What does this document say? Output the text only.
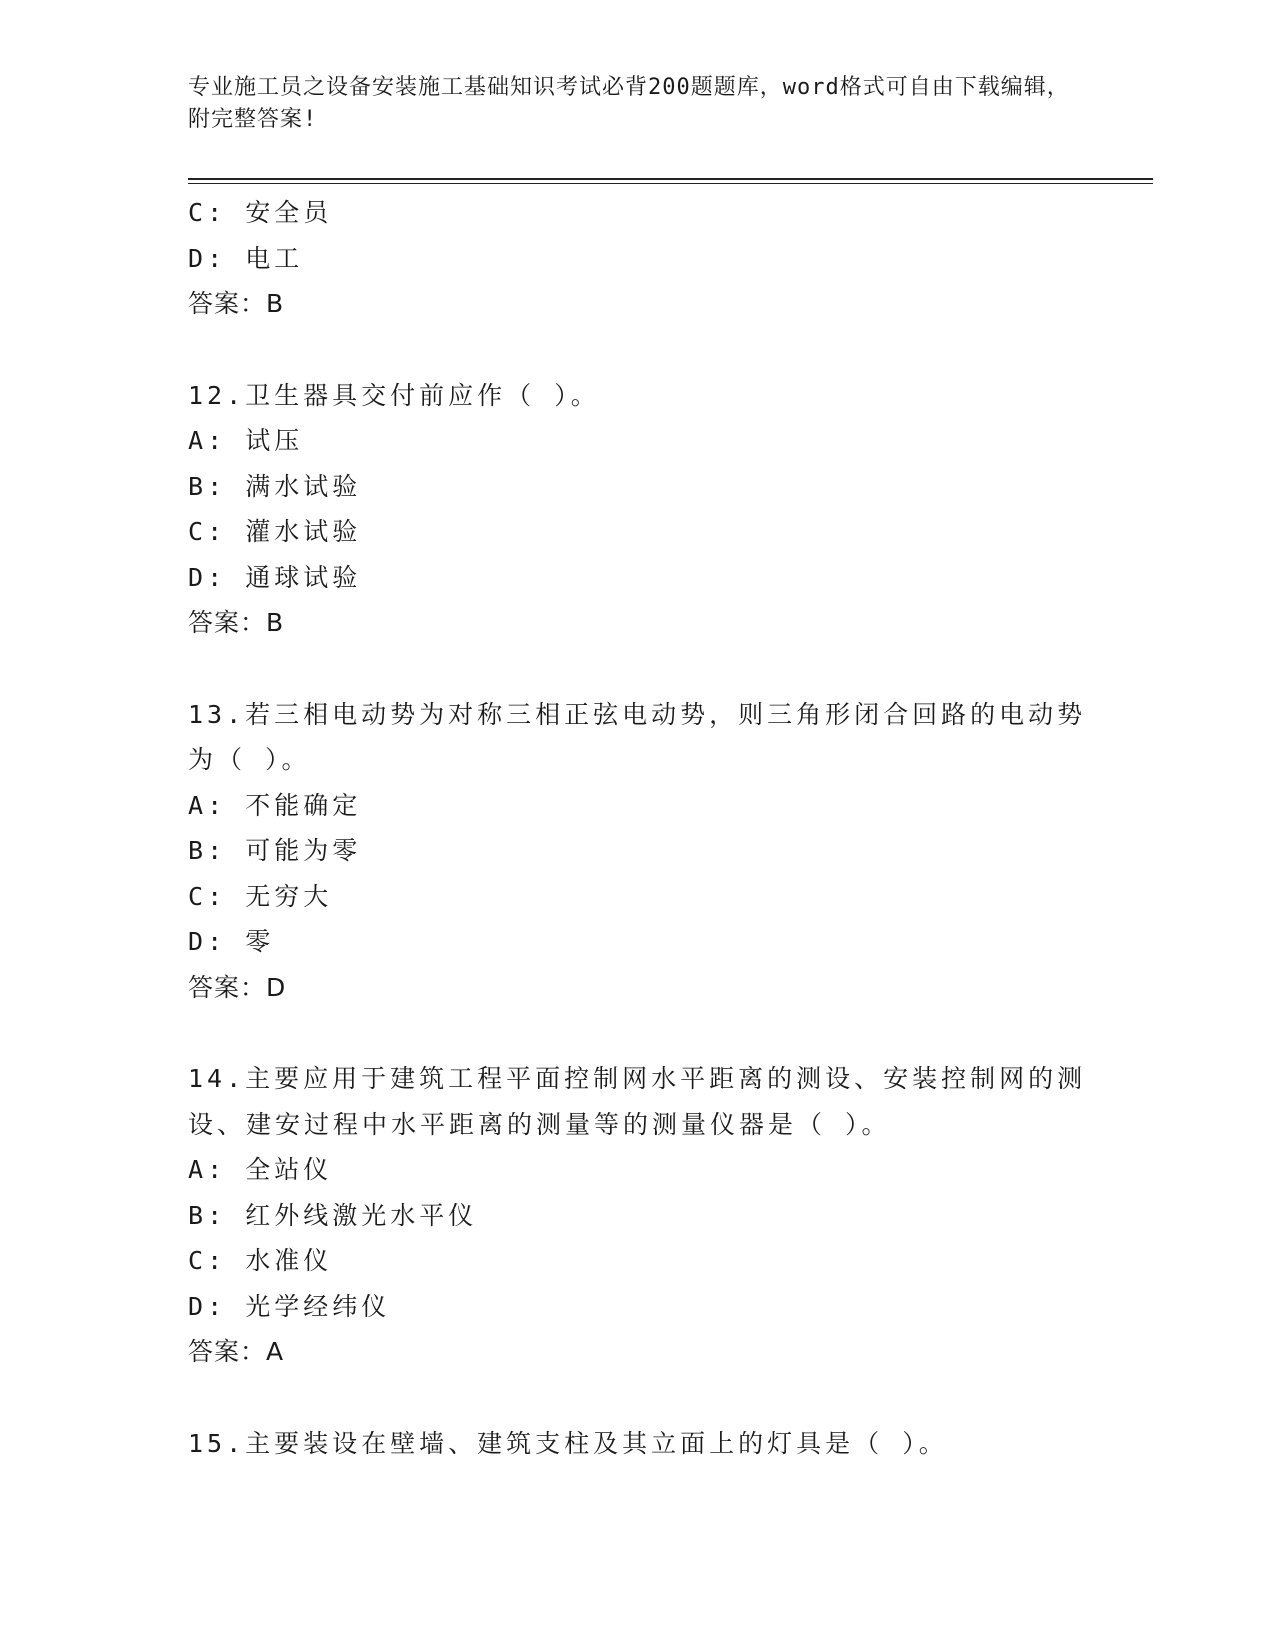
专业施工员之设备安装施工基础知识考试必背200题题库，word格式可自由下载编辑，附完整答案!
C: 安全员
D: 电工
答案：B
12.卫生器具交付前应作（ ）。
A: 试压
B: 满水试验
C: 灌水试验
D: 通球试验
答案：B
13.若三相电动势为对称三相正弦电动势，则三角形闭合回路的电动势
为（ ）。
A: 不能确定
B: 可能为零
C: 无穷大
D: 零
答案：D
14.主要应用于建筑工程平面控制网水平距离的测设、安装控制网的测
设、建安过程中水平距离的测量等的测量仪器是（ ）。
A: 全站仪
B: 红外线激光水平仪
C: 水准仪
D: 光学经纬仪
答案：A
15.主要装设在壁墙、建筑支柱及其立面上的灯具是（ ）。
